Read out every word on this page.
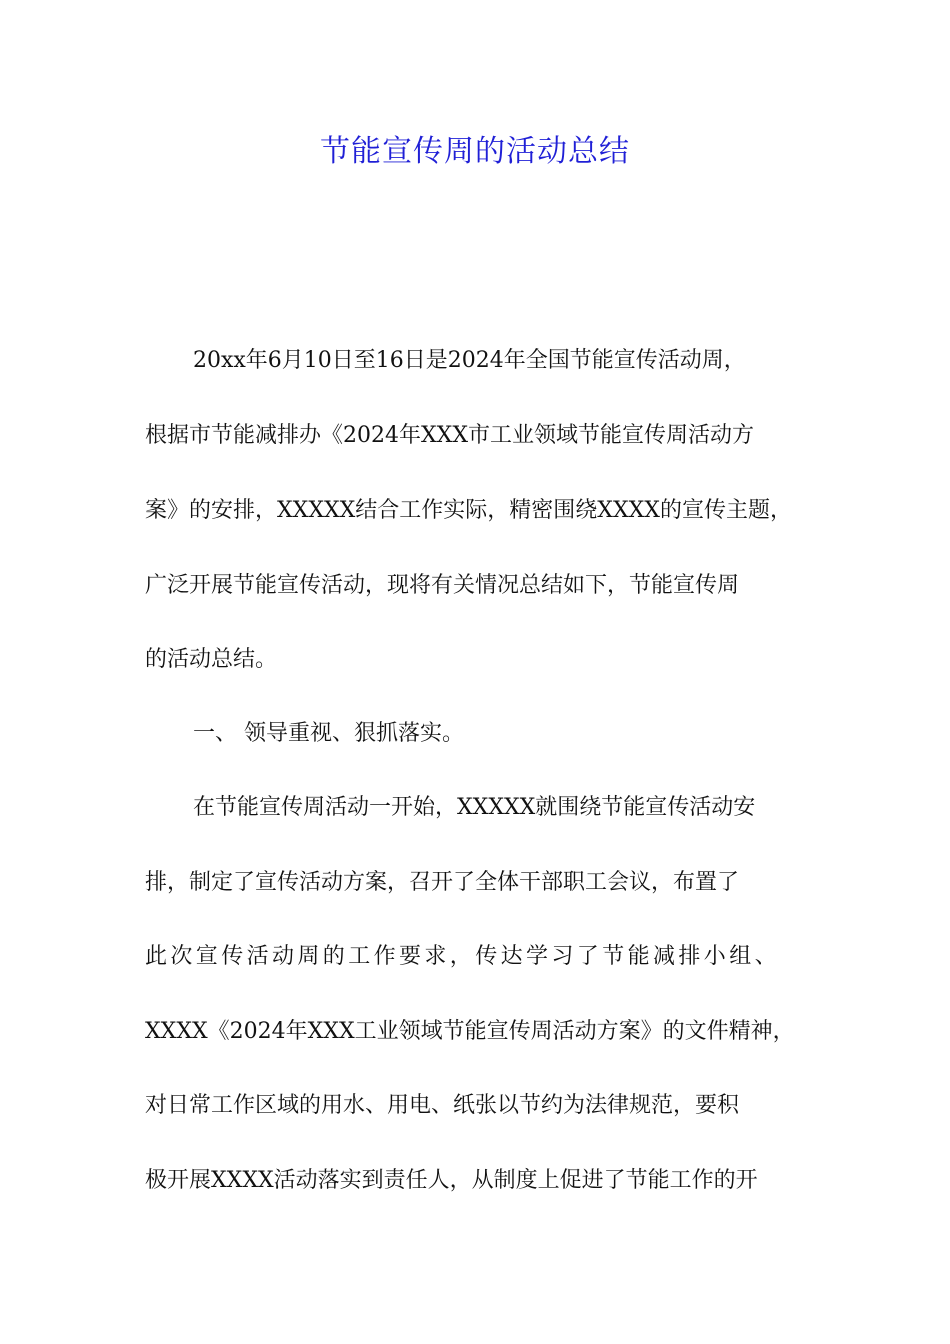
节能宣传周的活动总结

20xx年6月10日至16日是2024年全国节能宣传活动周，

根据市节能减排办《2024年XXX市工业领域节能宣传周活动方

案》的安排，XXXXX结合工作实际，精密围绕XXXX的宣传主题，

广泛开展节能宣传活动，现将有关情况总结如下，节能宣传周

的活动总结。

一、 领导重视、狠抓落实。

在节能宣传周活动一开始，XXXXX就围绕节能宣传活动安

排，制定了宣传活动方案，召开了全体干部职工会议，布置了

此次宣传活动周的工作要求，传达学习了节能减排小组、

XXXX《2024年XXX工业领域节能宣传周活动方案》的文件精神，

对日常工作区域的用水、用电、纸张以节约为法律规范，要积

极开展XXXX活动落实到责任人，从制度上促进了节能工作的开
